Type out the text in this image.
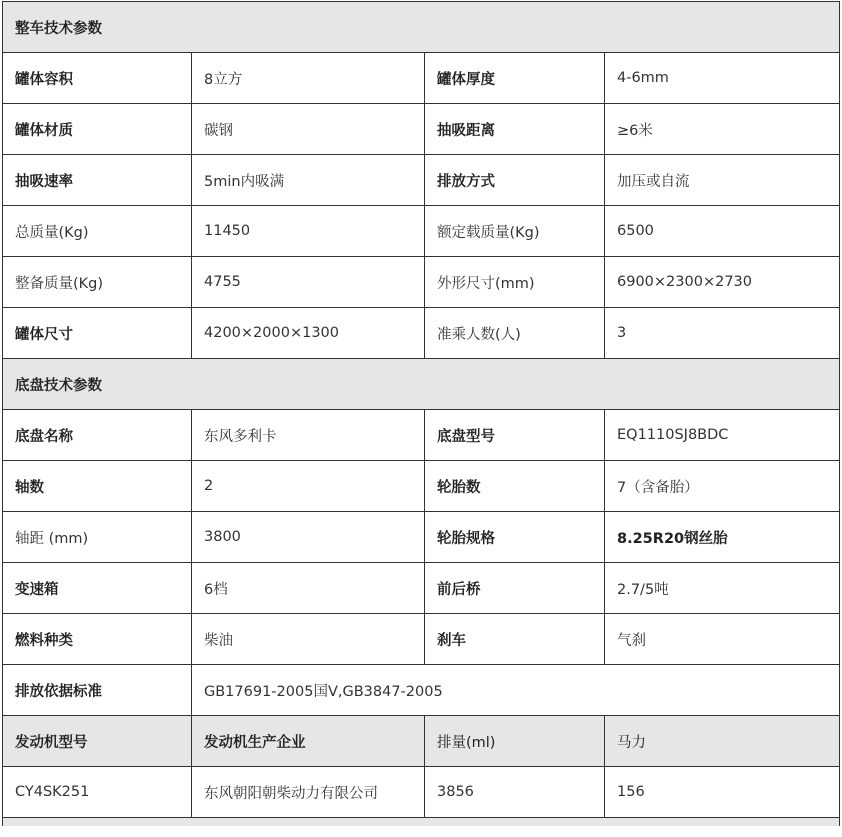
整车技术参数			
罐体容积	8立方	罐体厚度	4-6mm
罐体材质	碳钢	抽吸距离	≥6米
抽吸速率	5min内吸满	排放方式	加压或自流
总质量(Kg)	11450	额定载质量(Kg)	6500
整备质量(Kg)	4755	外形尺寸(mm)	6900×2300×2730
罐体尺寸	4200×2000×1300	准乘人数(人)	3
底盘技术参数			
底盘名称	东风多利卡	底盘型号	EQ1110SJ8BDC
轴数	2	轮胎数	7（含备胎）
轴距 (mm)	3800	轮胎规格	8.25R20钢丝胎
变速箱	6档	前后桥	2.7/5吨
燃料种类	柴油	刹车	气刹
排放依据标准	GB17691-2005国Ⅴ,GB3847-2005		
发动机型号	发动机生产企业	排量(ml)	马力
CY4SK251	东风朝阳朝柴动力有限公司	3856	156
